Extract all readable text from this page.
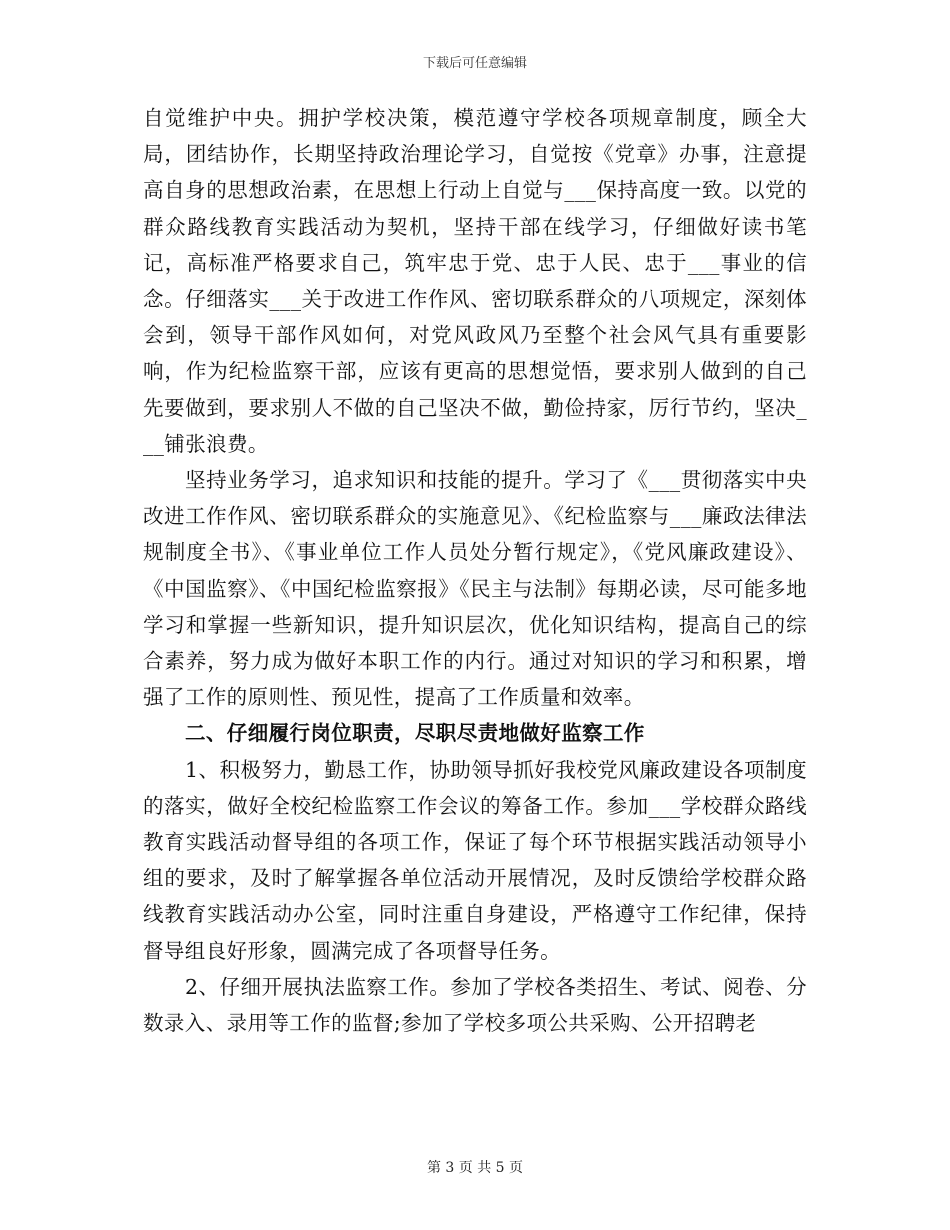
下载后可任意编辑

自觉维护中央。拥护学校决策，模范遵守学校各项规章制度，顾全大局，团结协作，长期坚持政治理论学习，自觉按《党章》办事，注意提高自身的思想政治素，在思想上行动上自觉与___保持高度一致。以党的群众路线教育实践活动为契机，坚持干部在线学习，仔细做好读书笔记，高标准严格要求自己，筑牢忠于党、忠于人民、忠于___事业的信念。仔细落实___关于改进工作作风、密切联系群众的八项规定，深刻体会到，领导干部作风如何，对党风政风乃至整个社会风气具有重要影响，作为纪检监察干部，应该有更高的思想觉悟，要求别人做到的自己先要做到，要求别人不做的自己坚决不做，勤俭持家，厉行节约，坚决___铺张浪费。

坚持业务学习，追求知识和技能的提升。学习了《___贯彻落实中央改进工作作风、密切联系群众的实施意见》、《纪检监察与___廉政法律法规制度全书》、《事业单位工作人员处分暂行规定》，《党风廉政建设》、《中国监察》、《中国纪检监察报》《民主与法制》每期必读，尽可能多地学习和掌握一些新知识，提升知识层次，优化知识结构，提高自己的综合素养，努力成为做好本职工作的内行。通过对知识的学习和积累，增强了工作的原则性、预见性，提高了工作质量和效率。

二、仔细履行岗位职责，尽职尽责地做好监察工作

1、积极努力，勤恳工作，协助领导抓好我校党风廉政建设各项制度的落实，做好全校纪检监察工作会议的筹备工作。参加___学校群众路线教育实践活动督导组的各项工作，保证了每个环节根据实践活动领导小组的要求，及时了解掌握各单位活动开展情况，及时反馈给学校群众路线教育实践活动办公室，同时注重自身建设，严格遵守工作纪律，保持督导组良好形象，圆满完成了各项督导任务。

2、仔细开展执法监察工作。参加了学校各类招生、考试、阅卷、分数录入、录用等工作的监督;参加了学校多项公共采购、公开招聘老

第 3 页 共 5 页
